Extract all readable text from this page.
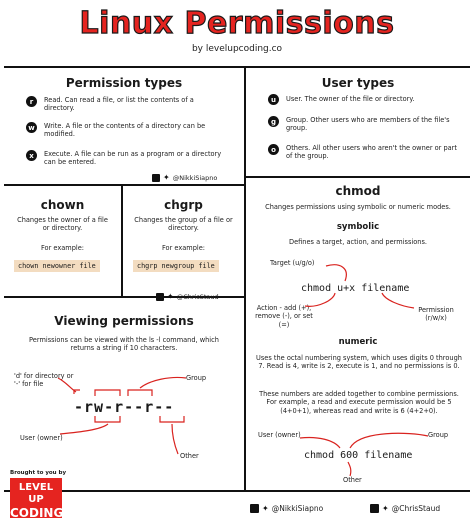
Linux Permissions
by levelupcoding.co
Permission types
r	Read. Can read a file, or list the contents of a directory.
w	Write. A file or the contents of a directory can be modified.
x	Execute. A file can be run as a program or a directory can be entered.
✦ @NikkiSiapno
User types
u	User. The owner of the file or directory.
g	Group. Other users who are members of the file's group.
o	Others. All other users who aren't the owner or part of the group.
chown
Changes the owner of a file or directory.
For example:
chown newowner file
chgrp
Changes the group of a file or directory.
For example:
chgrp newgroup file
✦ @ChrisStaud
chmod
Changes permissions using symbolic or numeric modes.
symbolic
Defines a target, action, and permissions.
Target (u/g/o)
chmod u+x filename
Action - add (+), remove (-), or set (=)
Permission (r/w/x)
numeric
Uses the octal numbering system, which uses digits 0 through 7. Read is 4, write is 2, execute is 1, and no permissions is 0.
These numbers are added together to combine permissions. For example, a read and execute permission would be 5 (4+0+1), whereas read and write is 6 (4+2+0).
User (owner)	Group
chmod 600 filename
Other
Viewing permissions
Permissions can be viewed with the ls -l command, which returns a string if 10 characters.
'd' for directory or '-' for file
Group
-rw-r--r--
User (owner)
Other
Brought to you by
LEVEL UP
CODING	✦ @NikkiSiapno	✦ @ChrisStaud
